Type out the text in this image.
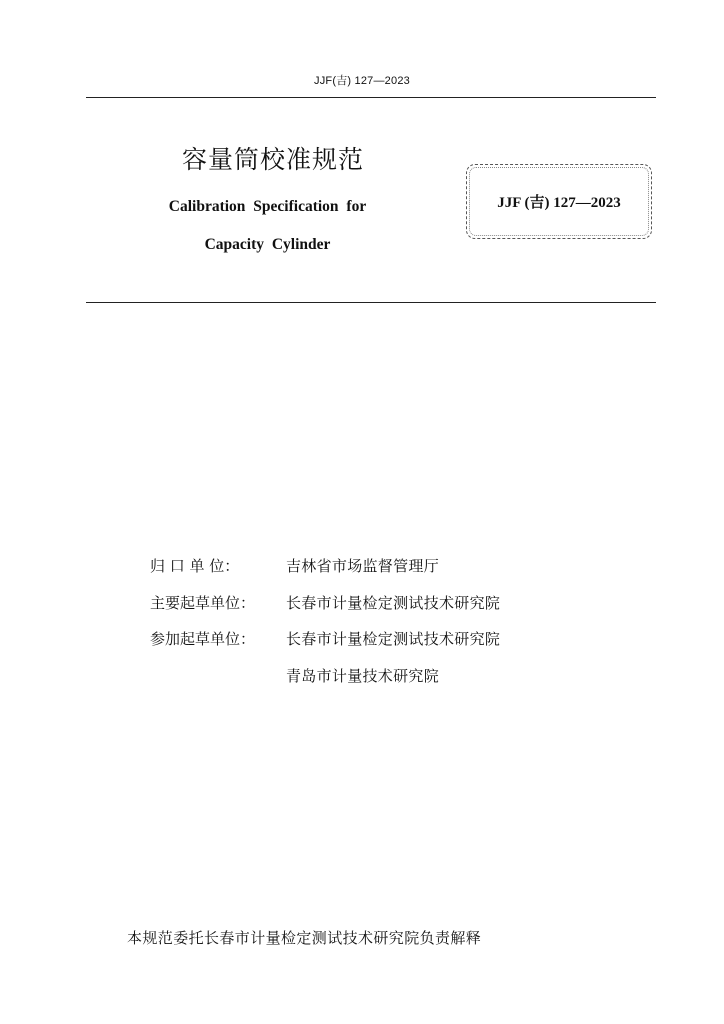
JJF(吉) 127—2023
容量筒校准规范
Calibration Specification for
Capacity Cylinder
JJF (吉) 127—2023
归 口 单 位：	吉林省市场监督管理厅
主要起草单位：	长春市计量检定测试技术研究院
参加起草单位：	长春市计量检定测试技术研究院
青岛市计量技术研究院
本规范委托长春市计量检定测试技术研究院负责解释
